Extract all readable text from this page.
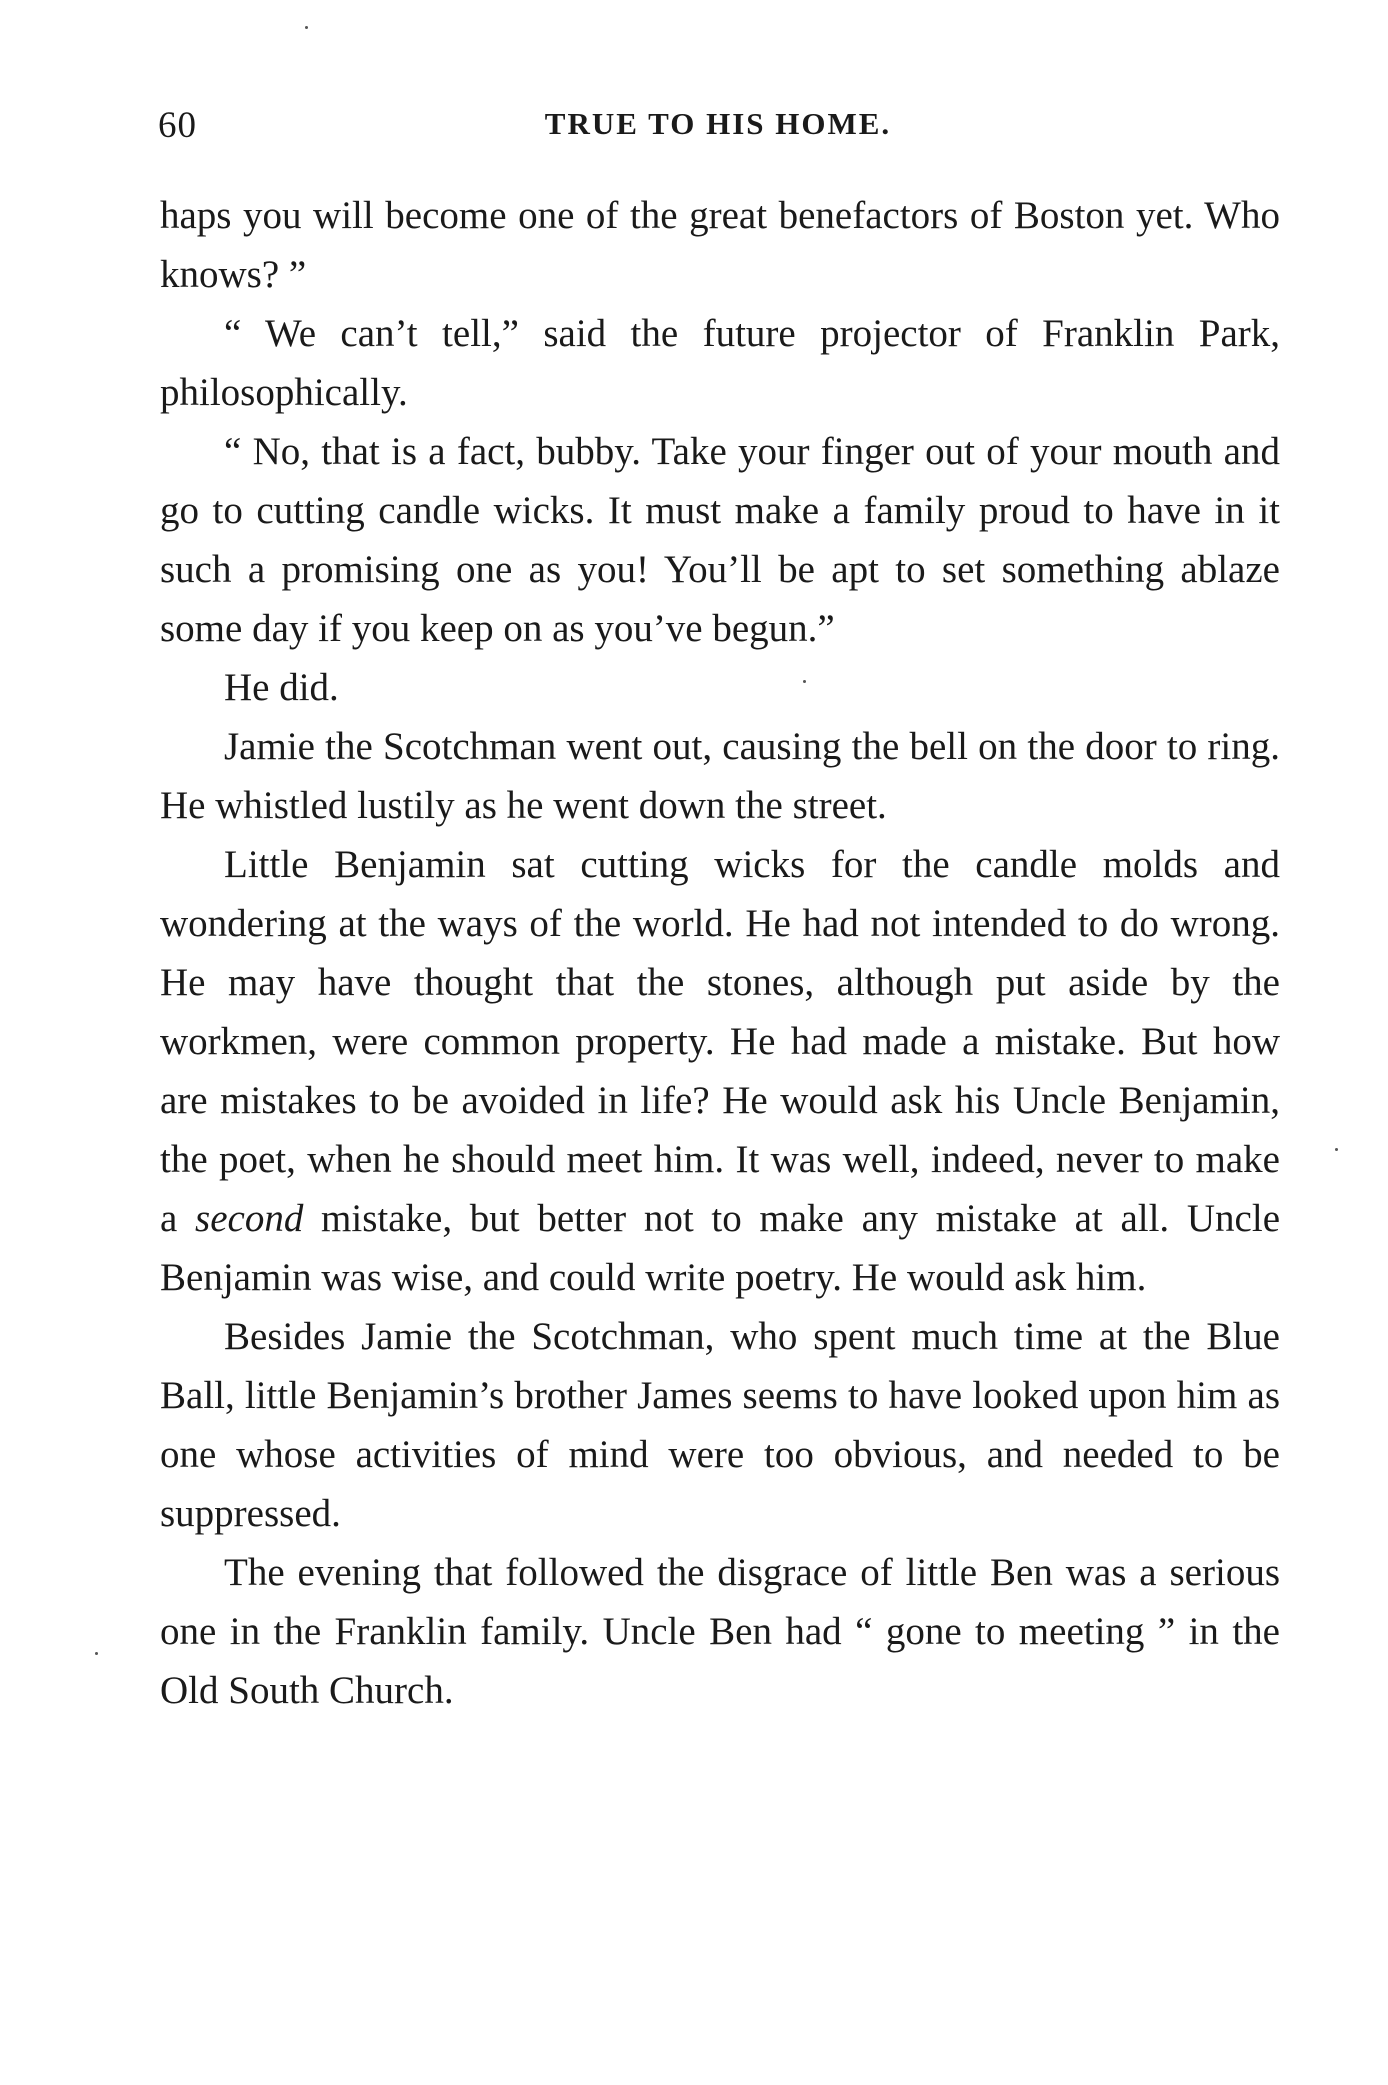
60	TRUE TO HIS HOME.

haps you will become one of the great benefactors of Boston yet. Who knows? ”

“ We can’t tell,” said the future projector of Franklin Park, philosophically.

“ No, that is a fact, bubby. Take your finger out of your mouth and go to cutting candle wicks. It must make a family proud to have in it such a promising one as you! You’ll be apt to set something ablaze some day if you keep on as you’ve begun.”

He did.

Jamie the Scotchman went out, causing the bell on the door to ring. He whistled lustily as he went down the street.

Little Benjamin sat cutting wicks for the candle molds and wondering at the ways of the world. He had not intended to do wrong. He may have thought that the stones, although put aside by the workmen, were common property. He had made a mistake. But how are mistakes to be avoided in life? He would ask his Uncle Benjamin, the poet, when he should meet him. It was well, indeed, never to make a second mistake, but better not to make any mistake at all. Uncle Benjamin was wise, and could write poetry. He would ask him.

Besides Jamie the Scotchman, who spent much time at the Blue Ball, little Benjamin’s brother James seems to have looked upon him as one whose activities of mind were too obvious, and needed to be suppressed.

The evening that followed the disgrace of little Ben was a serious one in the Franklin family. Uncle Ben had “ gone to meeting ” in the Old South Church.
